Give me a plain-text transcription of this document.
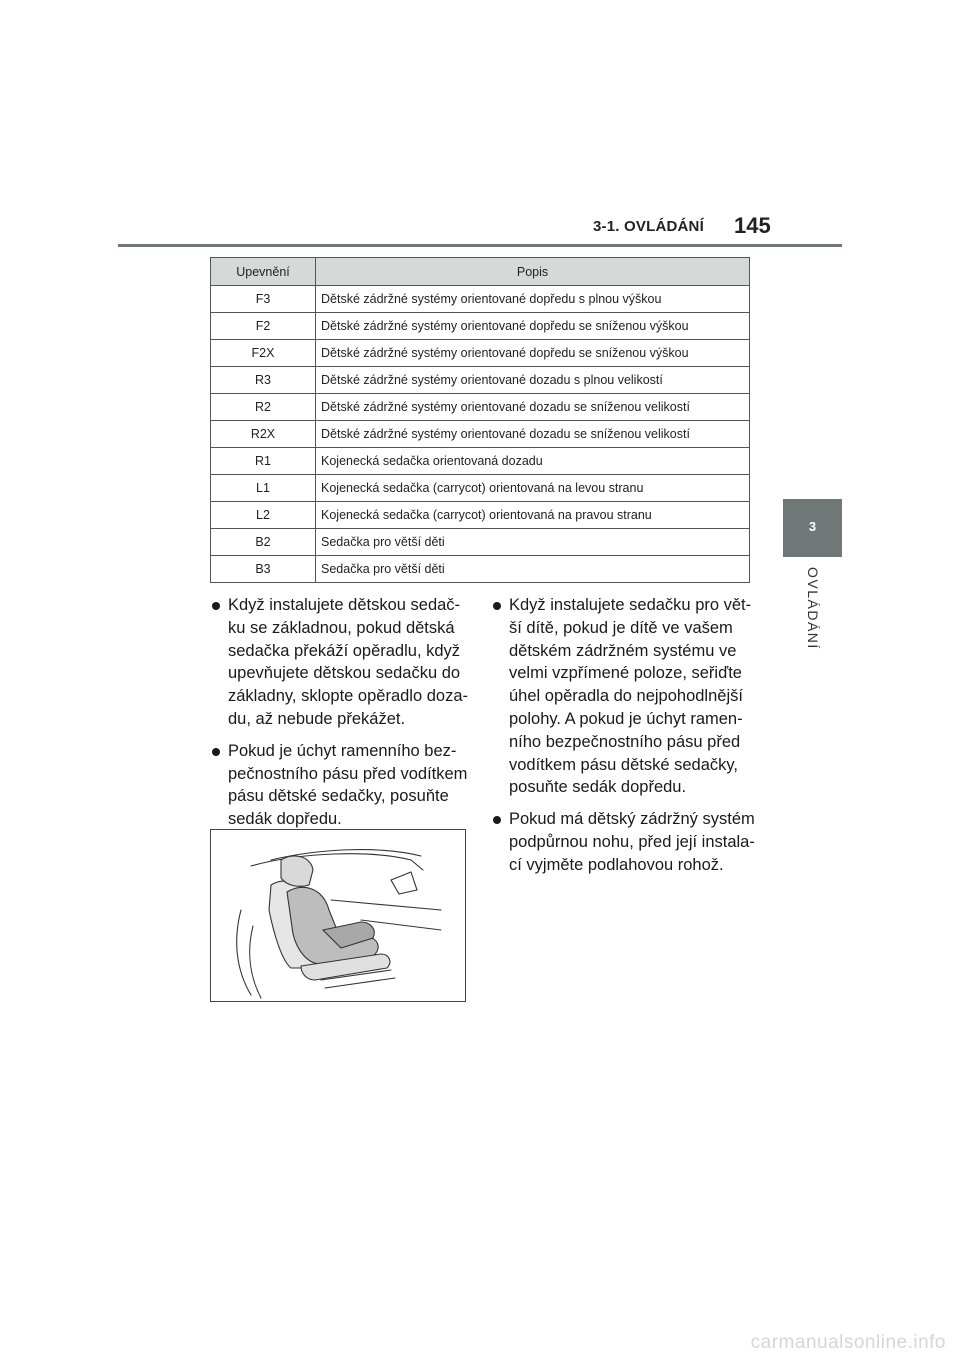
3-1. OVLÁDÁNÍ 145
3
OVLÁDÁNÍ
Upevnění	Popis
F3	Dětské zádržné systémy orientované dopředu s plnou výškou
F2	Dětské zádržné systémy orientované dopředu se sníženou výškou
F2X	Dětské zádržné systémy orientované dopředu se sníženou výškou
R3	Dětské zádržné systémy orientované dozadu s plnou velikostí
R2	Dětské zádržné systémy orientované dozadu se sníženou velikostí
R2X	Dětské zádržné systémy orientované dozadu se sníženou velikostí
R1	Kojenecká sedačka orientovaná dozadu
L1	Kojenecká sedačka (carrycot) orientovaná na levou stranu
L2	Kojenecká sedačka (carrycot) orientovaná na pravou stranu
B2	Sedačka pro větší děti
B3	Sedačka pro větší děti
Když instalujete dětskou sedač-
ku se základnou, pokud dětská
sedačka překáží opěradlu, když
upevňujete dětskou sedačku do
základny, sklopte opěradlo doza-
du, až nebude překážet.
Pokud je úchyt ramenního bez-
pečnostního pásu před vodítkem
pásu dětské sedačky, posuňte
sedák dopředu.
Když instalujete sedačku pro vět-
ší dítě, pokud je dítě ve vašem
dětském zádržném systému ve
velmi vzpřímené poloze, seřiďte
úhel opěradla do nejpohodlnější
polohy. A pokud je úchyt ramen-
ního bezpečnostního pásu před
vodítkem pásu dětské sedačky,
posuňte sedák dopředu.
Pokud má dětský zádržný systém
podpůrnou nohu, před její instala-
cí vyjměte podlahovou rohož.
carmanualsonline.info
